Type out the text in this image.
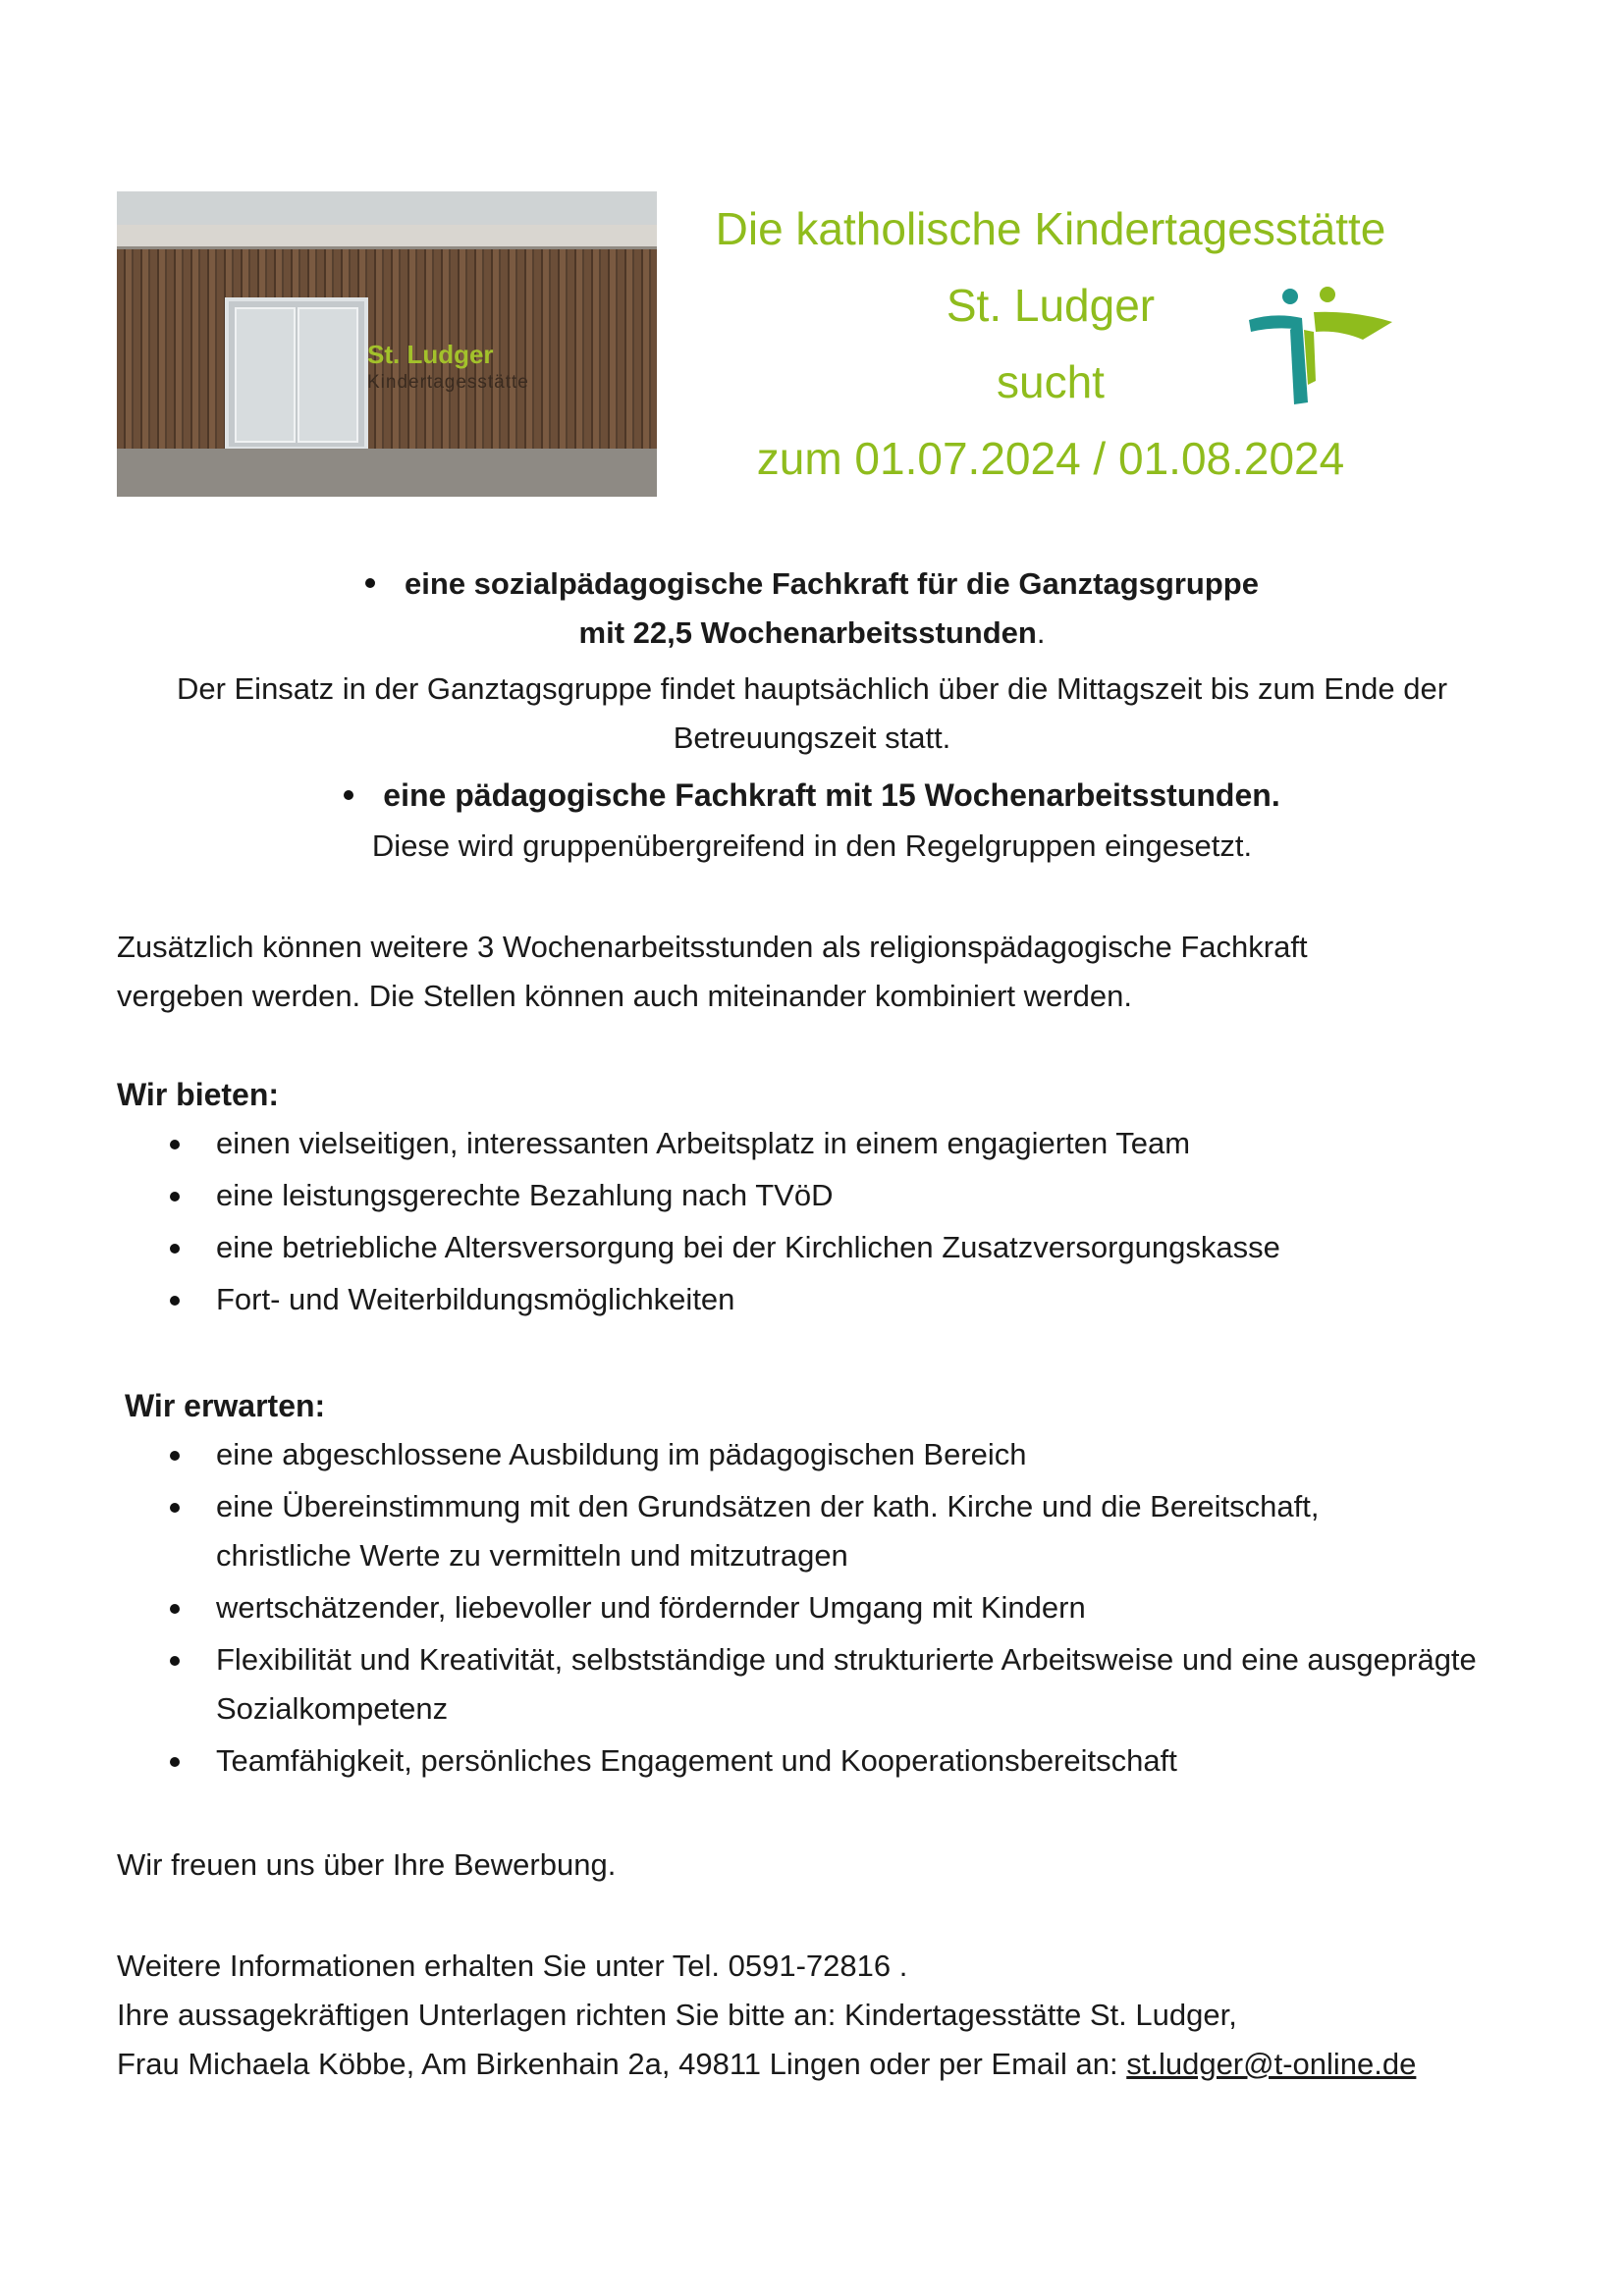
St. Ludger
Kindertagesstätte

Die katholische Kindertagesstätte

St. Ludger

sucht

zum 01.07.2024 / 01.08.2024

eine sozialpädagogische Fachkraft für die Ganztagsgruppe

mit 22,5 Wochenarbeitsstunden.

Der Einsatz in der Ganztagsgruppe findet hauptsächlich über die Mittagszeit bis zum Ende der

Betreuungszeit statt.

eine pädagogische Fachkraft mit 15 Wochenarbeitsstunden.

Diese wird gruppenübergreifend in den Regelgruppen eingesetzt.

Zusätzlich können weitere 3 Wochenarbeitsstunden als religionspädagogische Fachkraft

vergeben werden. Die Stellen können auch miteinander kombiniert werden.

Wir bieten:

einen vielseitigen, interessanten Arbeitsplatz in einem engagierten Team
eine leistungsgerechte Bezahlung nach TVöD
eine betriebliche Altersversorgung bei der Kirchlichen Zusatzversorgungskasse
Fort- und Weiterbildungsmöglichkeiten

Wir erwarten:

eine abgeschlossene Ausbildung im pädagogischen Bereich
eine Übereinstimmung mit den Grundsätzen der kath. Kirche und die Bereitschaft, christliche Werte zu vermitteln und mitzutragen
wertschätzender, liebevoller und fördernder Umgang mit Kindern
Flexibilität und Kreativität, selbstständige und strukturierte Arbeitsweise und eine ausgeprägte Sozialkompetenz
Teamfähigkeit, persönliches Engagement und Kooperationsbereitschaft

Wir freuen uns über Ihre Bewerbung.

Weitere Informationen erhalten Sie unter Tel. 0591-72816 .

Ihre aussagekräftigen Unterlagen richten Sie bitte an: Kindertagesstätte St. Ludger,

Frau Michaela Köbbe, Am Birkenhain 2a, 49811 Lingen oder per Email an: st.ludger@t-online.de
